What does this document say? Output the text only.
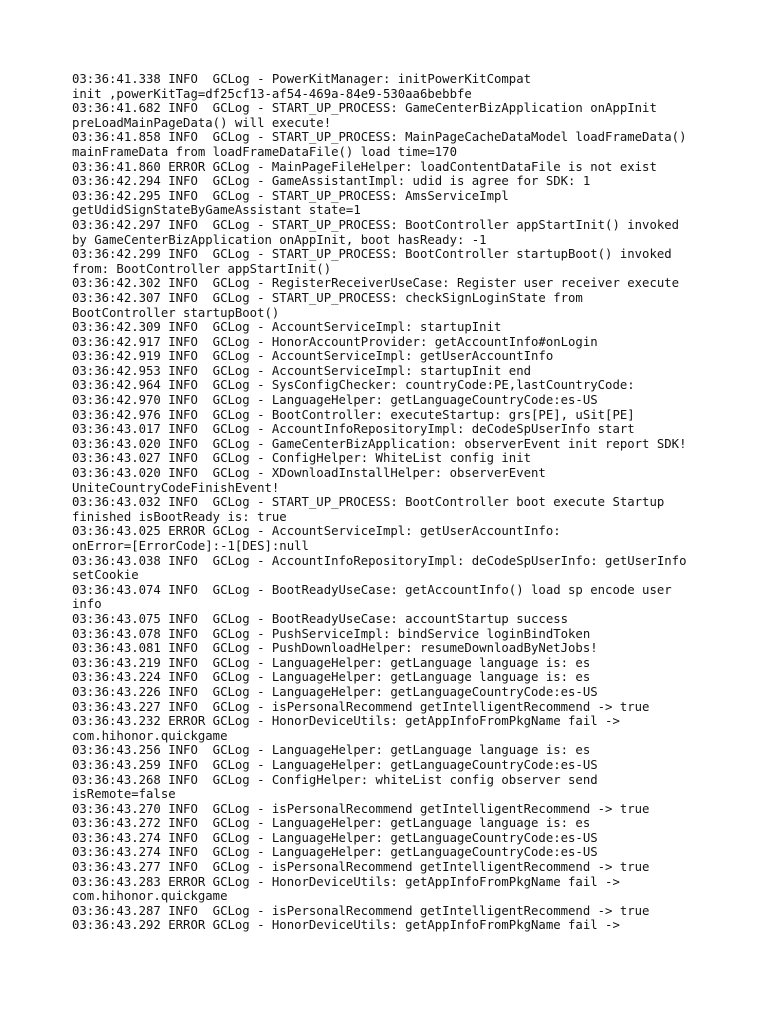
03:36:41.338 INFO  GCLog - PowerKitManager: initPowerKitCompat
init ,powerKitTag=df25cf13-af54-469a-84e9-530aa6bebbfe
03:36:41.682 INFO  GCLog - START_UP_PROCESS: GameCenterBizApplication onAppInit
preLoadMainPageData() will execute!
03:36:41.858 INFO  GCLog - START_UP_PROCESS: MainPageCacheDataModel loadFrameData()
mainFrameData from loadFrameDataFile() load time=170
03:36:41.860 ERROR GCLog - MainPageFileHelper: loadContentDataFile is not exist
03:36:42.294 INFO  GCLog - GameAssistantImpl: udid is agree for SDK: 1
03:36:42.295 INFO  GCLog - START_UP_PROCESS: AmsServiceImpl
getUdidSignStateByGameAssistant state=1
03:36:42.297 INFO  GCLog - START_UP_PROCESS: BootController appStartInit() invoked
by GameCenterBizApplication onAppInit, boot hasReady: -1
03:36:42.299 INFO  GCLog - START_UP_PROCESS: BootController startupBoot() invoked
from: BootController appStartInit()
03:36:42.302 INFO  GCLog - RegisterReceiverUseCase: Register user receiver execute
03:36:42.307 INFO  GCLog - START_UP_PROCESS: checkSignLoginState from
BootController startupBoot()
03:36:42.309 INFO  GCLog - AccountServiceImpl: startupInit
03:36:42.917 INFO  GCLog - HonorAccountProvider: getAccountInfo#onLogin
03:36:42.919 INFO  GCLog - AccountServiceImpl: getUserAccountInfo
03:36:42.953 INFO  GCLog - AccountServiceImpl: startupInit end
03:36:42.964 INFO  GCLog - SysConfigChecker: countryCode:PE,lastCountryCode:
03:36:42.970 INFO  GCLog - LanguageHelper: getLanguageCountryCode:es-US
03:36:42.976 INFO  GCLog - BootController: executeStartup: grs[PE], uSit[PE]
03:36:43.017 INFO  GCLog - AccountInfoRepositoryImpl: deCodeSpUserInfo start
03:36:43.020 INFO  GCLog - GameCenterBizApplication: observerEvent init report SDK!
03:36:43.027 INFO  GCLog - ConfigHelper: WhiteList config init
03:36:43.020 INFO  GCLog - XDownloadInstallHelper: observerEvent
UniteCountryCodeFinishEvent!
03:36:43.032 INFO  GCLog - START_UP_PROCESS: BootController boot execute Startup
finished isBootReady is: true
03:36:43.025 ERROR GCLog - AccountServiceImpl: getUserAccountInfo:
onError=[ErrorCode]:-1[DES]:null
03:36:43.038 INFO  GCLog - AccountInfoRepositoryImpl: deCodeSpUserInfo: getUserInfo
setCookie
03:36:43.074 INFO  GCLog - BootReadyUseCase: getAccountInfo() load sp encode user
info
03:36:43.075 INFO  GCLog - BootReadyUseCase: accountStartup success
03:36:43.078 INFO  GCLog - PushServiceImpl: bindService loginBindToken
03:36:43.081 INFO  GCLog - PushDownloadHelper: resumeDownloadByNetJobs!
03:36:43.219 INFO  GCLog - LanguageHelper: getLanguage language is: es
03:36:43.224 INFO  GCLog - LanguageHelper: getLanguage language is: es
03:36:43.226 INFO  GCLog - LanguageHelper: getLanguageCountryCode:es-US
03:36:43.227 INFO  GCLog - isPersonalRecommend getIntelligentRecommend -> true
03:36:43.232 ERROR GCLog - HonorDeviceUtils: getAppInfoFromPkgName fail ->
com.hihonor.quickgame
03:36:43.256 INFO  GCLog - LanguageHelper: getLanguage language is: es
03:36:43.259 INFO  GCLog - LanguageHelper: getLanguageCountryCode:es-US
03:36:43.268 INFO  GCLog - ConfigHelper: whiteList config observer send
isRemote=false
03:36:43.270 INFO  GCLog - isPersonalRecommend getIntelligentRecommend -> true
03:36:43.272 INFO  GCLog - LanguageHelper: getLanguage language is: es
03:36:43.274 INFO  GCLog - LanguageHelper: getLanguageCountryCode:es-US
03:36:43.274 INFO  GCLog - LanguageHelper: getLanguageCountryCode:es-US
03:36:43.277 INFO  GCLog - isPersonalRecommend getIntelligentRecommend -> true
03:36:43.283 ERROR GCLog - HonorDeviceUtils: getAppInfoFromPkgName fail ->
com.hihonor.quickgame
03:36:43.287 INFO  GCLog - isPersonalRecommend getIntelligentRecommend -> true
03:36:43.292 ERROR GCLog - HonorDeviceUtils: getAppInfoFromPkgName fail ->
